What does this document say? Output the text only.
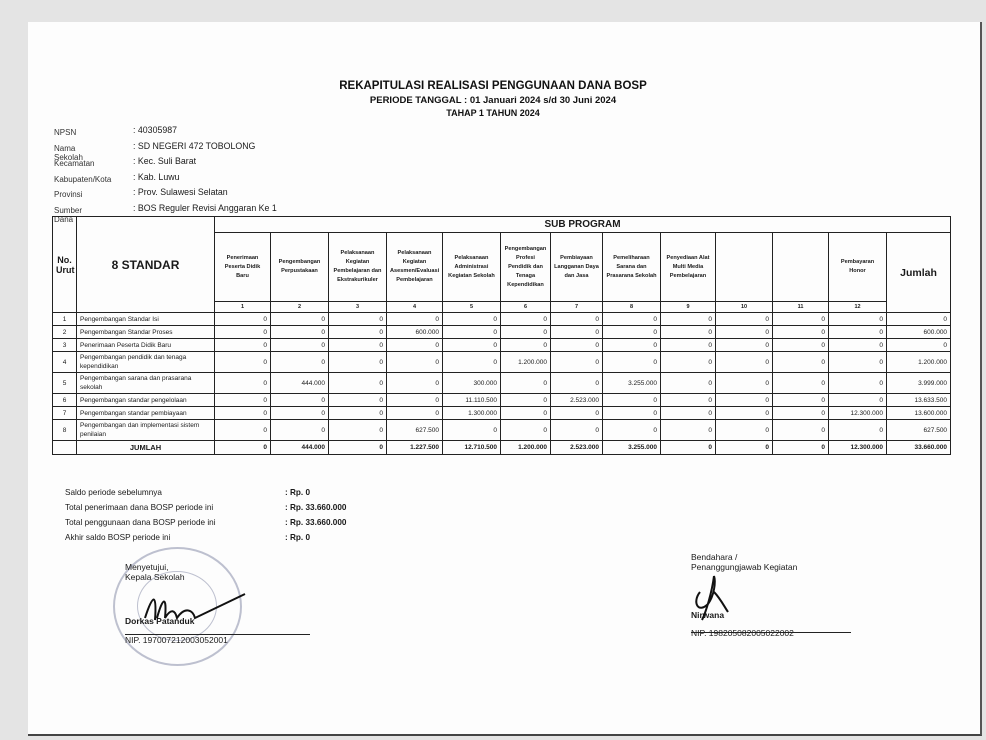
REKAPITULASI REALISASI PENGGUNAAN DANA BOSP
PERIODE TANGGAL : 01 Januari 2024 s/d 30 Juni 2024
TAHAP 1 TAHUN 2024
NPSN	: 40305987
Nama Sekolah
: SD NEGERI 472 TOBOLONG
Kecamatan	: Kec. Suli Barat
Kabupaten/Kota : Kab. Luwu
Provinsi	: Prov. Sulawesi Selatan
Sumber Dana
: BOS Reguler Revisi Anggaran Ke 1
No. Urut	8 STANDAR	SUB PROGRAM												
		Penerimaan Peserta Didik Baru	Pengembangan Perpustakaan	Pelaksanaan Kegiatan Pembelajaran dan Ekstrakurikuler	Pelaksanaan Kegiatan Asesmen/Evaluasi Pembelajaran	Pelaksanaan Administrasi Kegiatan Sekolah	Pengembangan Profesi Pendidik dan Tenaga Kependidikan	Pembiayaan Langganan Daya dan Jasa	Pemeliharaan Sarana dan Prasarana Sekolah	Penyediaan Alat Multi Media Pembelajaran			Pembayaran Honor	Jumlah
		1	2	3	4	5	6	7	8	9	10	11	12	
1	Pengembangan Standar Isi	0	0	0	0	0	0	0	0	0	0	0	0	0
2	Pengembangan Standar Proses	0	0	0	600.000	0	0	0	0	0	0	0	0	600.000
3	Penerimaan Peserta Didik Baru	0	0	0	0	0	0	0	0	0	0	0	0	0
4	Pengembangan pendidik dan tenaga kependidikan	0	0	0	0	0	1.200.000	0	0	0	0	0	0	1.200.000
5	Pengembangan sarana dan prasarana sekolah	0	444.000	0	0	300.000	0	0	3.255.000	0	0	0	0	3.999.000
6	Pengembangan standar pengelolaan	0	0	0	0	11.110.500	0	2.523.000	0	0	0	0	0	13.633.500
7	Pengembangan standar pembiayaan	0	0	0	0	1.300.000	0	0	0	0	0	0	12.300.000	13.600.000
8	Pengembangan dan implementasi sistem penilaian	0	0	0	627.500	0	0	0	0	0	0	0	0	627.500
	JUMLAH	0	444.000	0	1.227.500	12.710.500	1.200.000	2.523.000	3.255.000	0	0	0	12.300.000	33.660.000
Saldo periode sebelumnya	: Rp. 0
Total penerimaan dana BOSP periode ini	: Rp. 33.660.000
Total penggunaan dana BOSP periode ini	: Rp. 33.660.000
Akhir saldo BOSP periode ini	: Rp. 0
Menyetujui,
Kepala Sekolah
Dorkas Patanduk
NIP. 197007212003052001
Bendahara /
Penanggungjawab Kegiatan
Nirwana
NIP. 198205082005022002
